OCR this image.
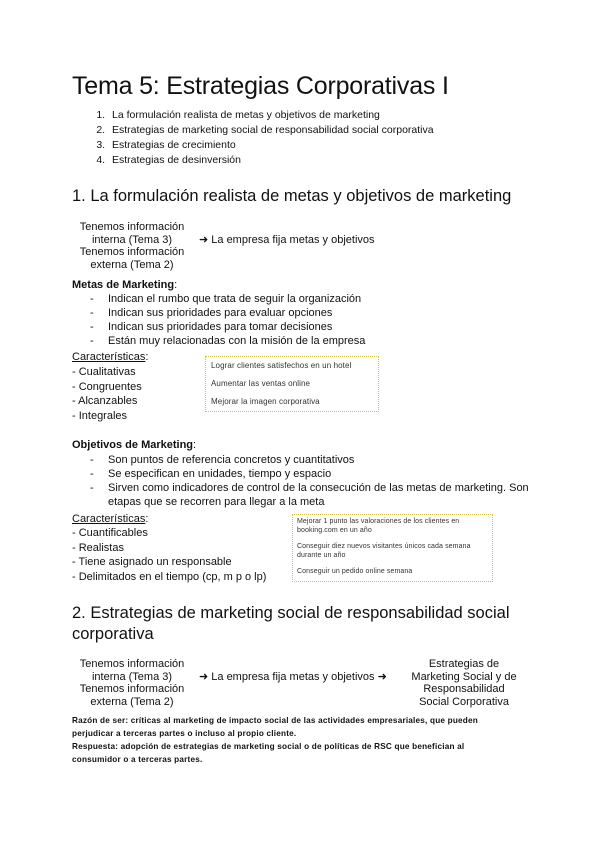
Tema 5: Estrategias Corporativas I
1. La formulación realista de metas y objetivos de marketing
2. Estrategias de marketing social de responsabilidad social corporativa
3. Estrategias de crecimiento
4. Estrategias de desinversión
1. La formulación realista de metas y objetivos de marketing
Tenemos información
interna (Tema 3)
Tenemos información
externa (Tema 2)
➜ La empresa fija metas y objetivos
Metas de Marketing:
- Indican el rumbo que trata de seguir la organización
- Indican sus prioridades para evaluar opciones
- Indican sus prioridades para tomar decisiones
- Están muy relacionadas con la misión de la empresa
Características:
- Cualitativas
- Congruentes
- Alcanzables
- Integrales
Lograr clientes satisfechos en un hotel
Aumentar las ventas online
Mejorar la imagen corporativa
Objetivos de Marketing:
- Son puntos de referencia concretos y cuantitativos
- Se especifican en unidades, tiempo y espacio
- Sirven como indicadores de control de la consecución de las metas de marketing. Son etapas que se recorren para llegar a la meta
Características:
- Cuantificables
- Realistas
- Tiene asignado un responsable
- Delimitados en el tiempo (cp, m p o lp)
Mejorar 1 punto las valoraciones de los clientes en
booking.com en un año
Conseguir diez nuevos visitantes únicos cada semana
durante un año
Conseguir un pedido online semana
2. Estrategias de marketing social de responsabilidad social
corporativa
Tenemos información
interna (Tema 3)
Tenemos información
externa (Tema 2)
➜ La empresa fija metas y objetivos ➜
Estrategias de
Marketing Social y de
Responsabilidad
Social Corporativa
Razón de ser: críticas al marketing de impacto social de las actividades empresariales, que pueden
perjudicar a terceras partes o incluso al propio cliente.
Respuesta: adopción de estrategias de marketing social o de políticas de RSC que benefician al
consumidor o a terceras partes.
